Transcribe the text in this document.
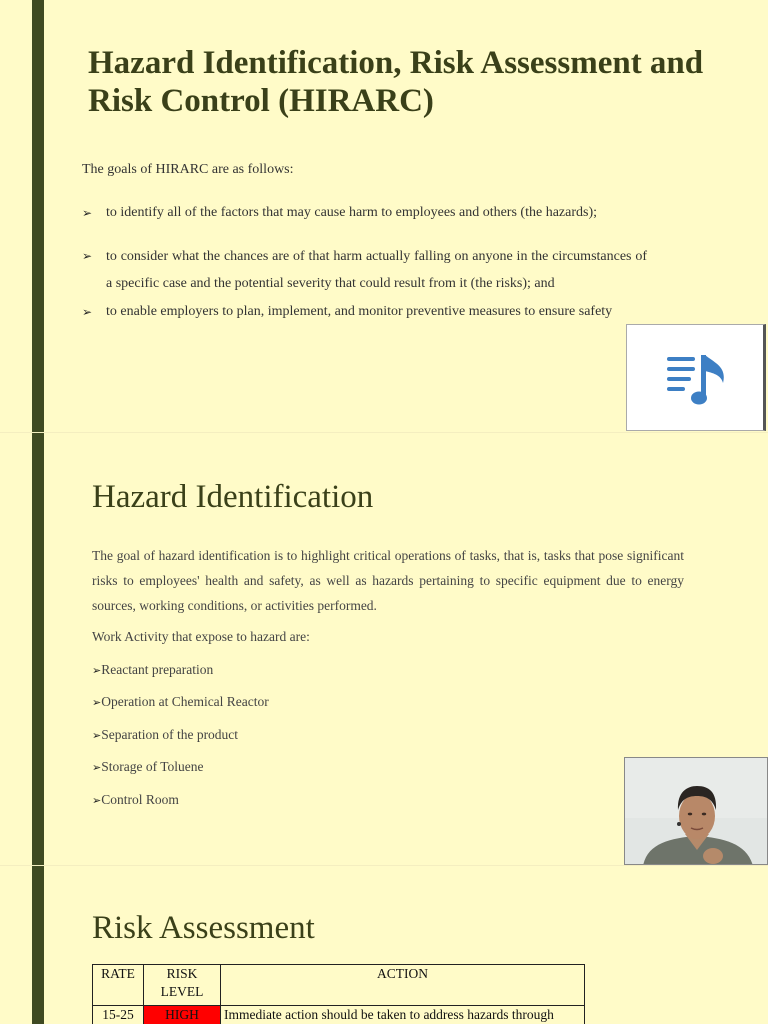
Hazard Identification, Risk Assessment and Risk Control (HIRARC)
The goals of HIRARC are as follows:
➢ to identify all of the factors that may cause harm to employees and others (the hazards);
➢ to consider what the chances are of that harm actually falling on anyone in the circumstances of a specific case and the potential severity that could result from it (the risks); and
➢ to enable employers to plan, implement, and monitor preventive measures to ensure safety
Hazard Identification
The goal of hazard identification is to highlight critical operations of tasks, that is, tasks that pose significant risks to employees' health and safety, as well as hazards pertaining to specific equipment due to energy sources, working conditions, or activities performed.
Work Activity that expose to hazard are:
➢Reactant preparation
➢Operation at Chemical Reactor
➢Separation of the product
➢Storage of Toluene
➢Control Room
Risk Assessment
RATE	RISK LEVEL	ACTION
15-25	HIGH	Immediate action should be taken to address hazards through
